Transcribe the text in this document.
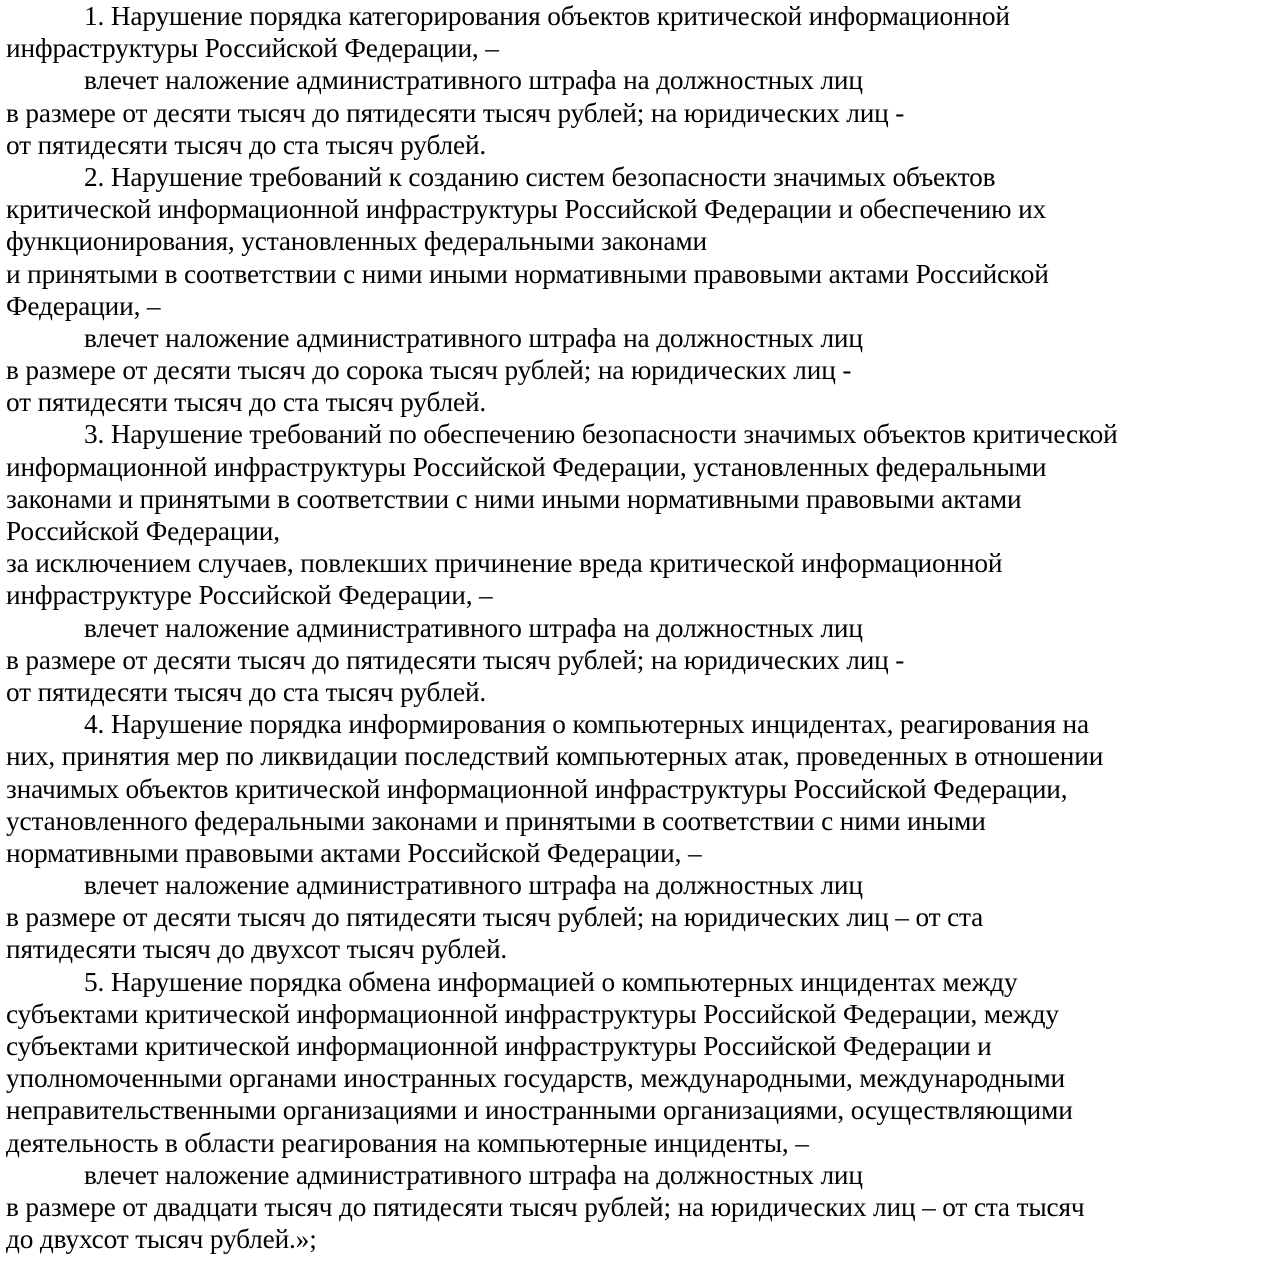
1. Нарушение порядка категорирования объектов критической информационной
инфраструктуры Российской Федерации, –
влечет наложение административного штрафа на должностных лиц
в размере от десяти тысяч до пятидесяти тысяч рублей; на юридических лиц -
от пятидесяти тысяч до ста тысяч рублей.
2. Нарушение требований к созданию систем безопасности значимых объектов
критической информационной инфраструктуры Российской Федерации и обеспечению их
функционирования, установленных федеральными законами
и принятыми в соответствии с ними иными нормативными правовыми актами Российской
Федерации, –
влечет наложение административного штрафа на должностных лиц
в размере от десяти тысяч до сорока тысяч рублей; на юридических лиц -
от пятидесяти тысяч до ста тысяч рублей.
3. Нарушение требований по обеспечению безопасности значимых объектов критической
информационной инфраструктуры Российской Федерации, установленных федеральными
законами и принятыми в соответствии с ними иными нормативными правовыми актами
Российской Федерации,
за исключением случаев, повлекших причинение вреда критической информационной
инфраструктуре Российской Федерации, –
влечет наложение административного штрафа на должностных лиц
в размере от десяти тысяч до пятидесяти тысяч рублей; на юридических лиц -
от пятидесяти тысяч до ста тысяч рублей.
4. Нарушение порядка информирования о компьютерных инцидентах, реагирования на
них, принятия мер по ликвидации последствий компьютерных атак, проведенных в отношении
значимых объектов критической информационной инфраструктуры Российской Федерации,
установленного федеральными законами и принятыми в соответствии с ними иными
нормативными правовыми актами Российской Федерации, –
влечет наложение административного штрафа на должностных лиц
в размере от десяти тысяч до пятидесяти тысяч рублей; на юридических лиц – от ста
пятидесяти тысяч до двухсот тысяч рублей.
5. Нарушение порядка обмена информацией о компьютерных инцидентах между
субъектами критической информационной инфраструктуры Российской Федерации, между
субъектами критической информационной инфраструктуры Российской Федерации и
уполномоченными органами иностранных государств, международными, международными
неправительственными организациями и иностранными организациями, осуществляющими
деятельность в области реагирования на компьютерные инциденты, –
влечет наложение административного штрафа на должностных лиц
в размере от двадцати тысяч до пятидесяти тысяч рублей; на юридических лиц – от ста тысяч
до двухсот тысяч рублей.»;
